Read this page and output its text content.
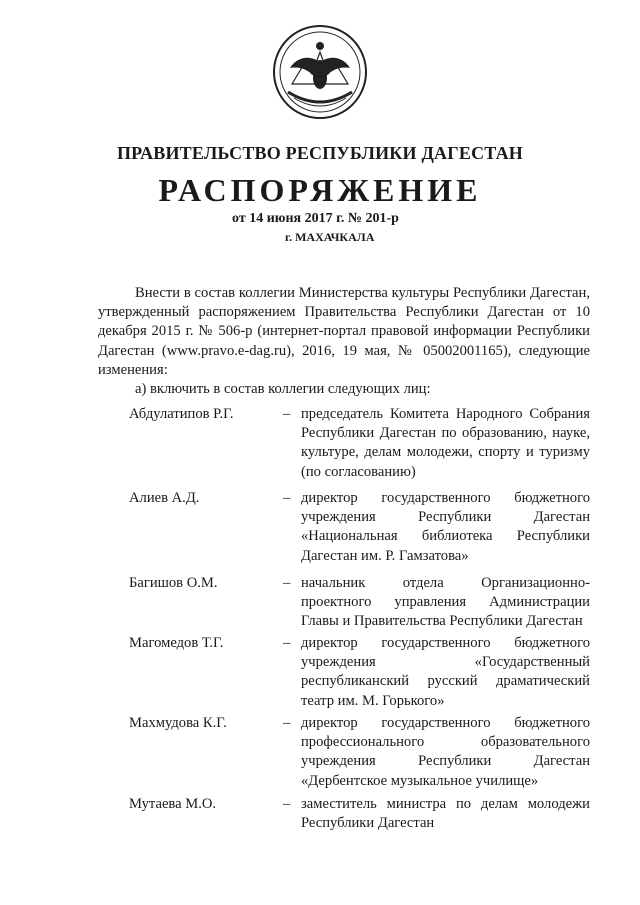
ПРАВИТЕЛЬСТВО РЕСПУБЛИКИ ДАГЕСТАН
РАСПОРЯЖЕНИЕ
от 14 июня 2017 г. № 201-р
г. МАХАЧКАЛА
Внести в состав коллегии Министерства культуры Республики Дагестан, утвержденный распоряжением Правительства Республики Дагестан от 10 декабря 2015 г. № 506-р (интернет-портал правовой информации Республики Дагестан (www.pravo.e-dag.ru), 2016, 19 мая, № 05002001165), следующие изменения:
а) включить в состав коллегии следующих лиц:
Абдулатипов Р.Г.	– председатель Комитета Народного Собрания Республики Дагестан по образованию, науке, культуре, делам молодежи, спорту и туризму (по согласованию)
Алиев А.Д.	– директор государственного бюджетного учреждения Республики Дагестан «Национальная библиотека Республики Дагестан им. Р. Гамзатова»
Багишов О.М.	– начальник отдела Организационно-проектного управления Администрации Главы и Правительства Республики Дагестан
Магомедов Т.Г.	– директор государственного бюджетного учреждения «Государственный республиканский русский драматический театр им. М. Горького»
Махмудова К.Г.	– директор государственного бюджетного профессионального образовательного учреждения Республики Дагестан «Дербентское музыкальное училище»
Мутаева М.О.	– заместитель министра по делам молодежи Республики Дагестан
